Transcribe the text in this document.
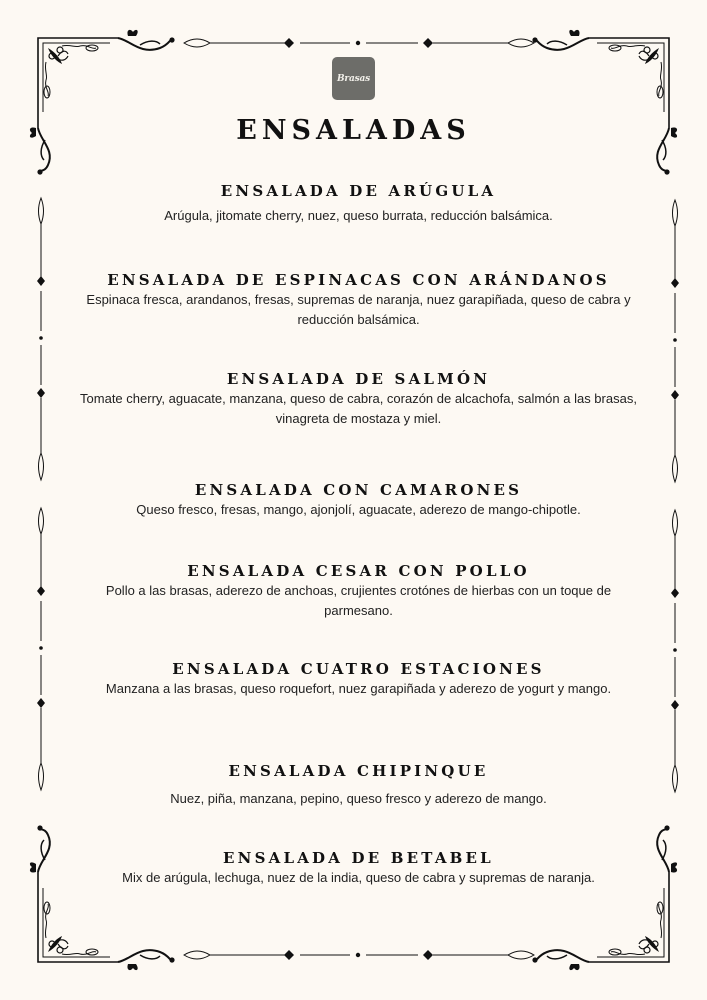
Brasas
ENSALADAS
ENSALADA DE ARÚGULA
Arúgula, jitomate cherry, nuez, queso burrata, reducción balsámica.
ENSALADA DE ESPINACAS CON ARÁNDANOS
Espinaca fresca, arandanos, fresas, supremas de naranja, nuez garapiñada, queso de cabra y reducción balsámica.
ENSALADA DE SALMÓN
Tomate cherry, aguacate, manzana, queso de cabra, corazón de alcachofa, salmón a las brasas, vinagreta de mostaza y miel.
ENSALADA CON CAMARONES
Queso fresco, fresas, mango, ajonjolí, aguacate, aderezo de mango-chipotle.
ENSALADA CESAR CON POLLO
Pollo a las brasas, aderezo de anchoas, crujientes crotónes de hierbas con un toque de parmesano.
ENSALADA CUATRO ESTACIONES
Manzana a las brasas, queso roquefort, nuez garapiñada y aderezo de yogurt y mango.
ENSALADA CHIPINQUE
Nuez, piña, manzana, pepino, queso fresco y aderezo de mango.
ENSALADA DE BETABEL
Mix de arúgula, lechuga, nuez de la india, queso de cabra y supremas de naranja.
